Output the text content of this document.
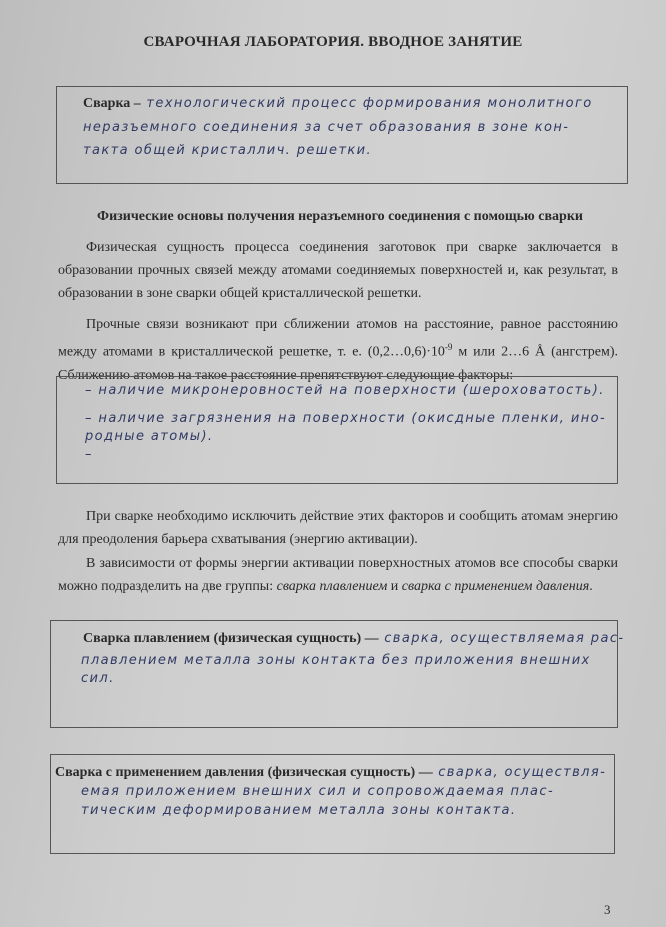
СВАРОЧНАЯ ЛАБОРАТОРИЯ. ВВОДНОЕ ЗАНЯТИЕ
Сварка – технологический процесс формирования монолитного
неразъемного соединения за счет образования в зоне кон-
такта общей кристаллич. решетки.
Физические основы получения неразъемного соединения с помощью сварки
Физическая сущность процесса соединения заготовок при сварке заключается в образовании прочных связей между атомами соединяемых поверхностей и, как результат, в образовании в зоне сварки общей кристаллической решетки.
Прочные связи возникают при сближении атомов на расстояние, равное расстоянию между атомами в кристаллической решетке, т. е. $(0,2\dots 0,6)\cdot 10^{-9}$ м или 2…6 Å (ангстрем). Сближению атомов на такое расстояние препятствуют следующие факторы:
– наличие микронеровностей на поверхности (шероховатость).
– наличие загрязнения на поверхности (окисдные пленки, ино-
родные атомы).
–
При сварке необходимо исключить действие этих факторов и сообщить атомам энергию для преодоления барьера схватывания (энергию активации).
В зависимости от формы энергии активации поверхностных атомов все способы сварки можно подразделить на две группы: сварка плавлением и сварка с применением давления.
Сварка плавлением (физическая сущность) — сварка, осуществляемая рас-
плавлением металла зоны контакта без приложения внешних
сил.
Сварка с применением давления (физическая сущность) — сварка, осуществля-
емая приложением внешних сил и сопровождаемая плас-
тическим деформированием металла зоны контакта.
3
